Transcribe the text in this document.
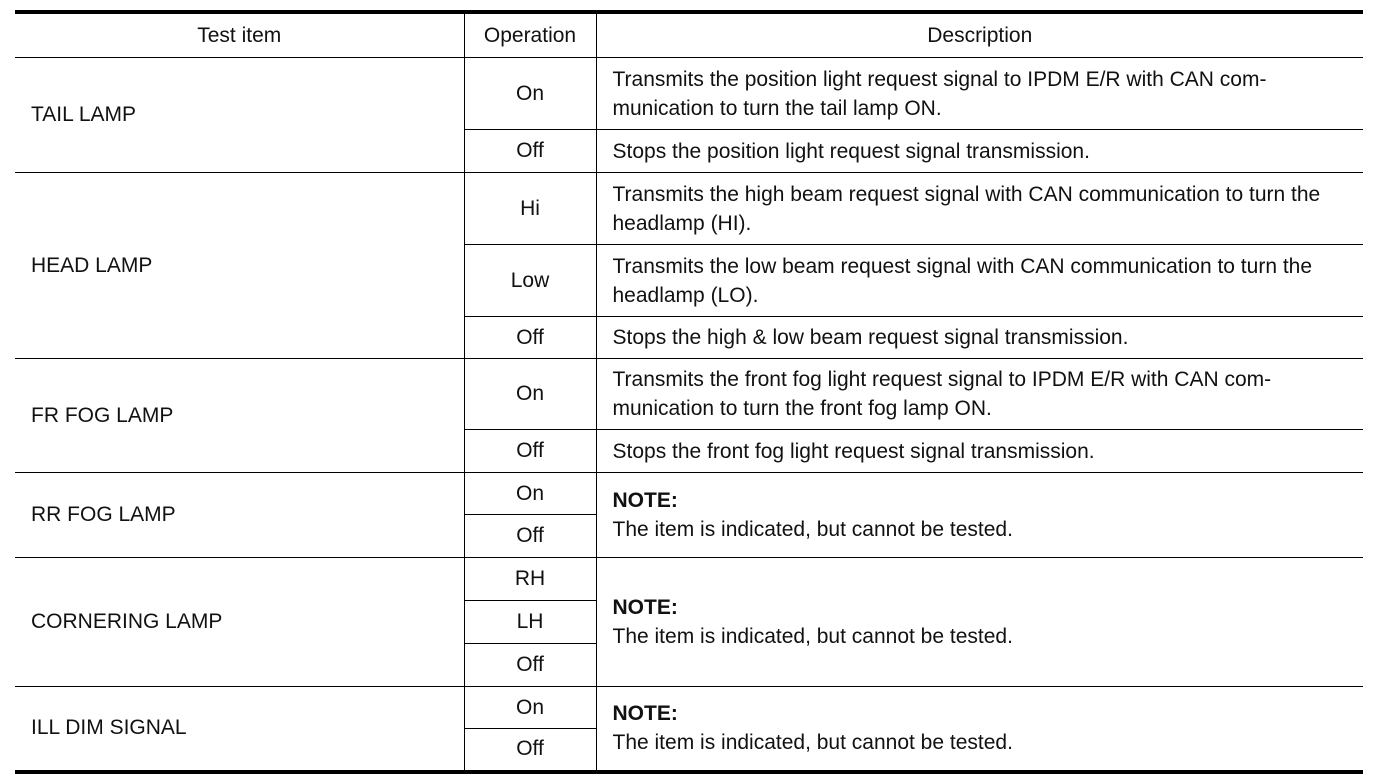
Test item	Operation	Description
TAIL LAMP	On	Transmits the position light request signal to IPDM E/R with CAN com-munication to turn the tail lamp ON.
	Off	Stops the position light request signal transmission.
HEAD LAMP	Hi	Transmits the high beam request signal with CAN communication to turn the headlamp (HI).
	Low	Transmits the low beam request signal with CAN communication to turn the headlamp (LO).
	Off	Stops the high & low beam request signal transmission.
FR FOG LAMP	On	Transmits the front fog light request signal to IPDM E/R with CAN com-munication to turn the front fog lamp ON.
	Off	Stops the front fog light request signal transmission.
RR FOG LAMP	On	NOTE:
The item is indicated, but cannot be tested.

	Off	
CORNERING LAMP	RH	NOTE:
The item is indicated, but cannot be tested.

	LH	
	Off	
ILL DIM SIGNAL	On	NOTE:
The item is indicated, but cannot be tested.

	Off	
